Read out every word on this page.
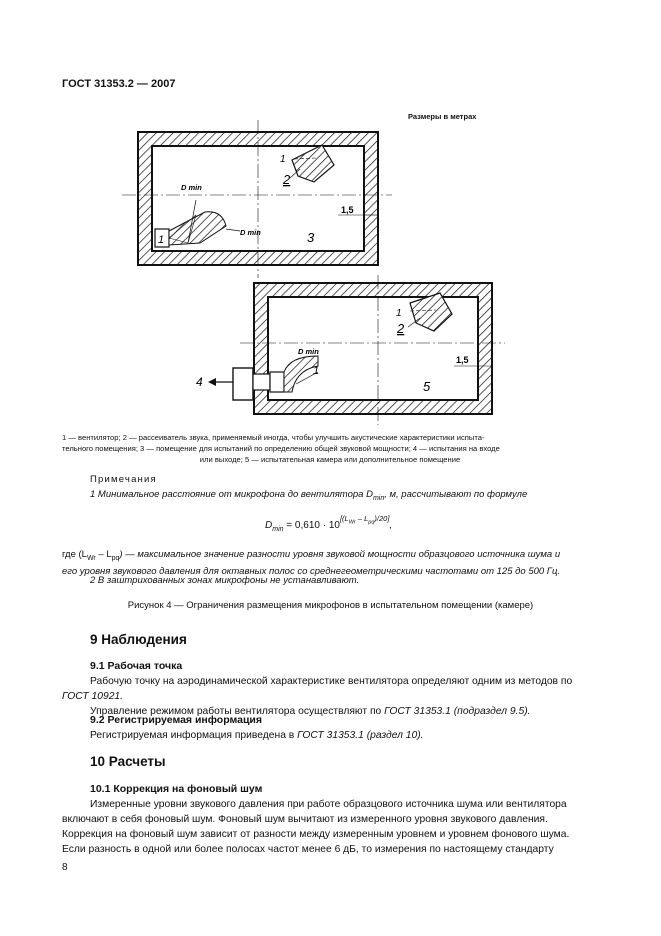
ГОСТ 31353.2 — 2007
Размеры в метрах
1
2
3
1
D min
D min
1,5
1
2
5
1
4
D min
1,5
1 — вентилятор; 2 — рассеиватель звука, применяемый иногда, чтобы улучшить акустические характеристики испыта-
тельного помещения; 3 — помещение для испытаний по определению общей звуковой мощности; 4 — испытания на входе
или выходе; 5 — испытательная камера или дополнительное помещение
Примечания
1 Минимальное расстояние от микрофона до вентилятора $D_{min}$, м, рассчитывают по формуле
$D_{min} = 0,610 \cdot 10[(LWr - Lpq)/20]$,
где $(L_{Wr} - L_{pq})$ — максимальное значение разности уровня звуковой мощности образцового источника шума и
его уровня звукового давления для октавных полос со среднегеометрическими частотами от 125 до 500 Гц.
2 В заштрихованных зонах микрофоны не устанавливают.
Рисунок 4 — Ограничения размещения микрофонов в испытательном помещении (камере)
9 Наблюдения
9.1 Рабочая точка
Рабочую точку на аэродинамической характеристике вентилятора определяют одним из методов по
ГОСТ 10921.
Управление режимом работы вентилятора осуществляют по ГОСТ 31353.1 (подраздел 9.5).
9.2 Регистрируемая информация
Регистрируемая информация приведена в ГОСТ 31353.1 (раздел 10).
10 Расчеты
10.1 Коррекция на фоновый шум
Измеренные уровни звукового давления при работе образцового источника шума или вентилятора
включают в себя фоновый шум. Фоновый шум вычитают из измеренного уровня звукового давления.
Коррекция на фоновый шум зависит от разности между измеренным уровнем и уровнем фонового шума.
Если разность в одной или более полосах частот менее 6 дБ, то измерения по настоящему стандарту
8
